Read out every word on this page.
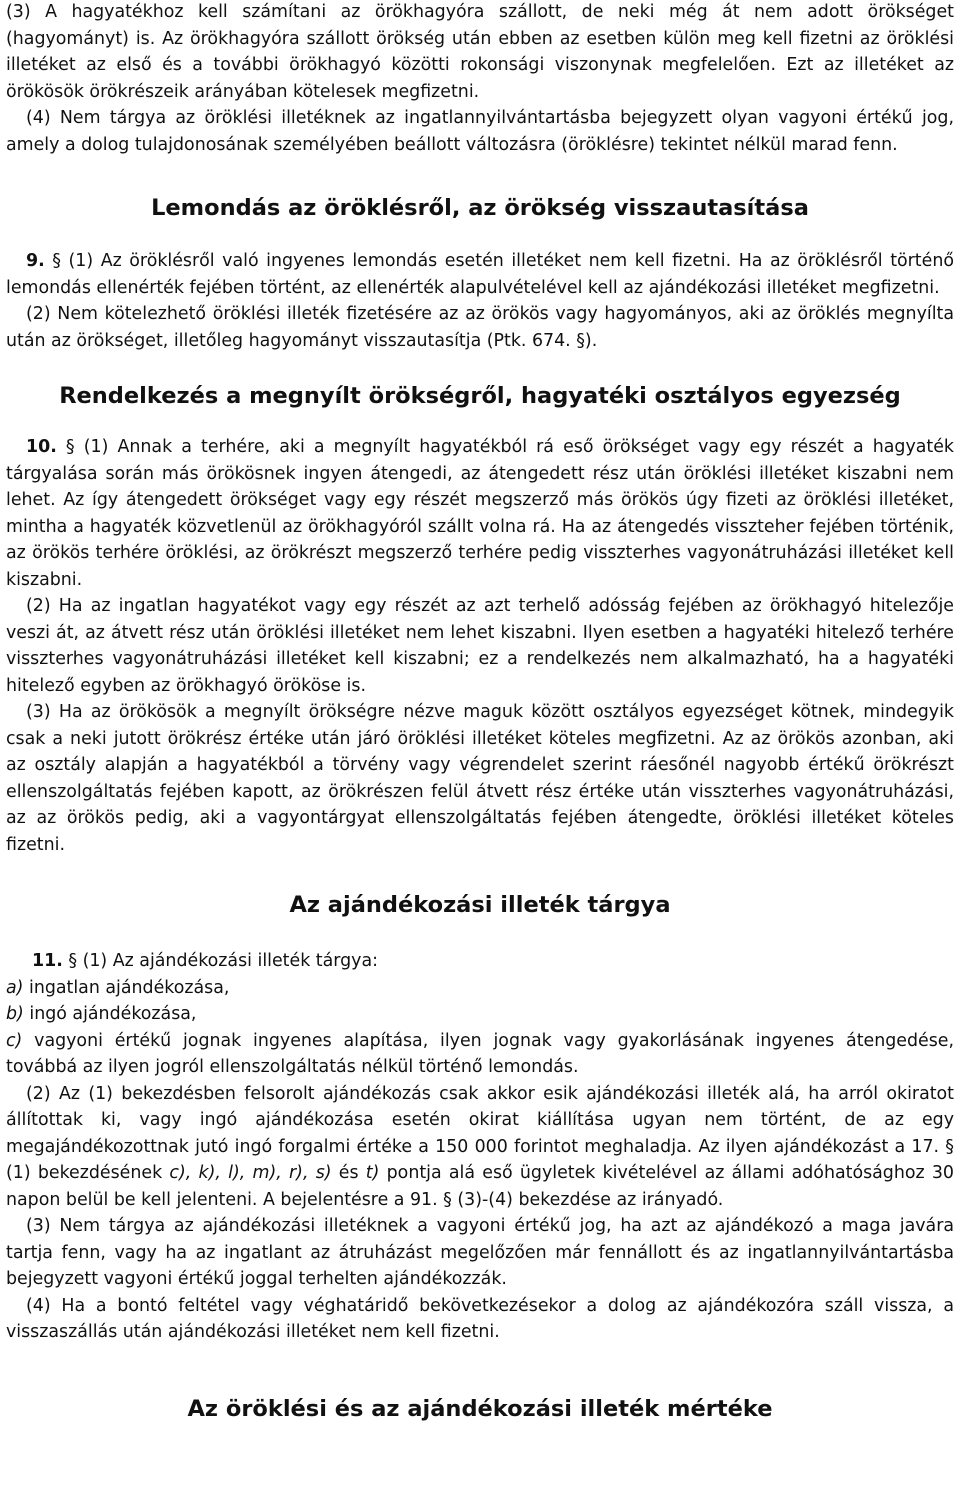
(3) A hagyatékhoz kell számítani az örökhagyóra szállott, de neki még át nem adott örökséget (hagyományt) is. Az örökhagyóra szállott örökség után ebben az esetben külön meg kell fizetni az öröklési illetéket az első és a további örökhagyó közötti rokonsági viszonynak megfelelően. Ezt az illetéket az örökösök örökrészeik arányában kötelesek megfizetni.

(4) Nem tárgya az öröklési illetéknek az ingatlannyilvántartásba bejegyzett olyan vagyoni értékű jog, amely a dolog tulajdonosának személyében beállott változásra (öröklésre) tekintet nélkül marad fenn.

Lemondás az öröklésről, az örökség visszautasítása

9. § (1) Az öröklésről való ingyenes lemondás esetén illetéket nem kell fizetni. Ha az öröklésről történő lemondás ellenérték fejében történt, az ellenérték alapulvételével kell az ajándékozási illetéket megfizetni.

(2) Nem kötelezhető öröklési illeték fizetésére az az örökös vagy hagyományos, aki az öröklés megnyílta után az örökséget, illetőleg hagyományt visszautasítja (Ptk. 674. §).

Rendelkezés a megnyílt örökségről, hagyatéki osztályos egyezség

10. § (1) Annak a terhére, aki a megnyílt hagyatékból rá eső örökséget vagy egy részét a hagyaték tárgyalása során más örökösnek ingyen átengedi, az átengedett rész után öröklési illetéket kiszabni nem lehet. Az így átengedett örökséget vagy egy részét megszerző más örökös úgy fizeti az öröklési illetéket, mintha a hagyaték közvetlenül az örökhagyóról szállt volna rá. Ha az átengedés visszteher fejében történik, az örökös terhére öröklési, az örökrészt megszerző terhére pedig visszterhes vagyonátruházási illetéket kell kiszabni.

(2) Ha az ingatlan hagyatékot vagy egy részét az azt terhelő adósság fejében az örökhagyó hitelezője veszi át, az átvett rész után öröklési illetéket nem lehet kiszabni. Ilyen esetben a hagyatéki hitelező terhére visszterhes vagyonátruházási illetéket kell kiszabni; ez a rendelkezés nem alkalmazható, ha a hagyatéki hitelező egyben az örökhagyó örököse is.

(3) Ha az örökösök a megnyílt örökségre nézve maguk között osztályos egyezséget kötnek, mindegyik csak a neki jutott örökrész értéke után járó öröklési illetéket köteles megfizetni. Az az örökös azonban, aki az osztály alapján a hagyatékból a törvény vagy végrendelet szerint ráesőnél nagyobb értékű örökrészt ellenszolgáltatás fejében kapott, az örökrészen felül átvett rész értéke után visszterhes vagyonátruházási, az az örökös pedig, aki a vagyontárgyat ellenszolgáltatás fejében átengedte, öröklési illetéket köteles fizetni.

Az ajándékozási illeték tárgya

11. § (1) Az ajándékozási illeték tárgya:

a) ingatlan ajándékozása,

b) ingó ajándékozása,

c) vagyoni értékű jognak ingyenes alapítása, ilyen jognak vagy gyakorlásának ingyenes átengedése, továbbá az ilyen jogról ellenszolgáltatás nélkül történő lemondás.

(2) Az (1) bekezdésben felsorolt ajándékozás csak akkor esik ajándékozási illeték alá, ha arról okiratot állítottak ki, vagy ingó ajándékozása esetén okirat kiállítása ugyan nem történt, de az egy megajándékozottnak jutó ingó forgalmi értéke a 150 000 forintot meghaladja. Az ilyen ajándékozást a 17. § (1) bekezdésének c), k), l), m), r), s) és t) pontja alá eső ügyletek kivételével az állami adóhatósághoz 30 napon belül be kell jelenteni. A bejelentésre a 91. § (3)-(4) bekezdése az irányadó.

(3) Nem tárgya az ajándékozási illetéknek a vagyoni értékű jog, ha azt az ajándékozó a maga javára tartja fenn, vagy ha az ingatlant az átruházást megelőzően már fennállott és az ingatlannyilvántartásba bejegyzett vagyoni értékű joggal terhelten ajándékozzák.

(4) Ha a bontó feltétel vagy véghatáridő bekövetkezésekor a dolog az ajándékozóra száll vissza, a visszaszállás után ajándékozási illetéket nem kell fizetni.

Az öröklési és az ajándékozási illeték mértéke
